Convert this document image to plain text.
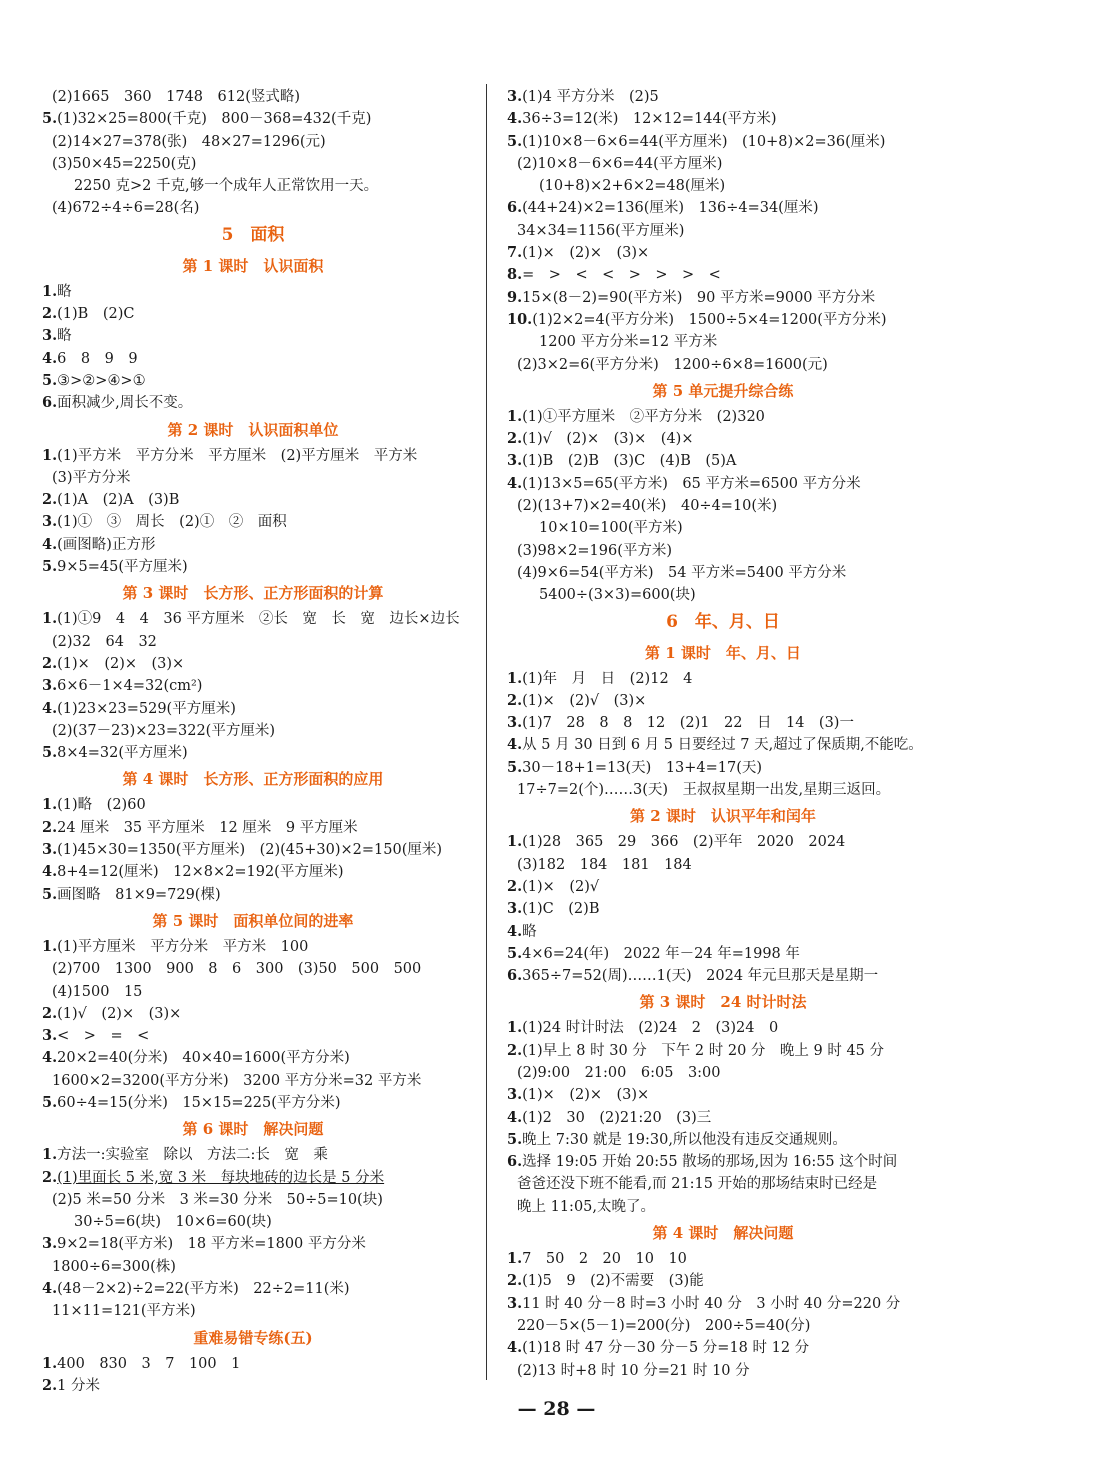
(2)1665　360　1748　612(竖式略)
5.(1)32×25=800(千克)　800－368=432(千克)
(2)14×27=378(张)　48×27=1296(元)
(3)50×45=2250(克)
2250 克>2 千克,够一个成年人正常饮用一天。
(4)672÷4÷6=28(名)
5　面积
第 1 课时　认识面积
1.略
2.(1)B　(2)C
3.略
4.6　8　9　9
5.③>②>④>①
6.面积减少,周长不变。
第 2 课时　认识面积单位
1.(1)平方米　平方分米　平方厘米　(2)平方厘米　平方米
(3)平方分米
2.(1)A　(2)A　(3)B
3.(1)①　③　周长　(2)①　②　面积
4.(画图略)正方形
5.9×5=45(平方厘米)
第 3 课时　长方形、正方形面积的计算
1.(1)①9　4　4　36 平方厘米　②长　宽　长　宽　边长×边长
(2)32　64　32
2.(1)×　(2)×　(3)×
3.6×6－1×4=32(cm²)
4.(1)23×23=529(平方厘米)
(2)(37－23)×23=322(平方厘米)
5.8×4=32(平方厘米)
第 4 课时　长方形、正方形面积的应用
1.(1)略　(2)60
2.24 厘米　35 平方厘米　12 厘米　9 平方厘米
3.(1)45×30=1350(平方厘米)　(2)(45+30)×2=150(厘米)
4.8+4=12(厘米)　12×8×2=192(平方厘米)
5.画图略　81×9=729(棵)
第 5 课时　面积单位间的进率
1.(1)平方厘米　平方分米　平方米　100
(2)700　1300　900　8　6　300　(3)50　500　500
(4)1500　15
2.(1)√　(2)×　(3)×
3.<　>　=　<
4.20×2=40(分米)　40×40=1600(平方分米)
1600×2=3200(平方分米)　3200 平方分米=32 平方米
5.60÷4=15(分米)　15×15=225(平方分米)
第 6 课时　解决问题
1.方法一:实验室　除以　方法二:长　宽　乘
2.(1)里面长 5 米,宽 3 米　每块地砖的边长是 5 分米
(2)5 米=50 分米　3 米=30 分米　50÷5=10(块)
30÷5=6(块)　10×6=60(块)
3.9×2=18(平方米)　18 平方米=1800 平方分米
1800÷6=300(株)
4.(48－2×2)÷2=22(平方米)　22÷2=11(米)
11×11=121(平方米)
重难易错专练(五)
1.400　830　3　7　100　1
2.1 分米
3.(1)4 平方分米　(2)5
4.36÷3=12(米)　12×12=144(平方米)
5.(1)10×8－6×6=44(平方厘米)　(10+8)×2=36(厘米)
(2)10×8－6×6=44(平方厘米)
(10+8)×2+6×2=48(厘米)
6.(44+24)×2=136(厘米)　136÷4=34(厘米)
34×34=1156(平方厘米)
7.(1)×　(2)×　(3)×
8.=　>　<　<　>　>　>　<
9.15×(8－2)=90(平方米)　90 平方米=9000 平方分米
10.(1)2×2=4(平方分米)　1500÷5×4=1200(平方分米)
1200 平方分米=12 平方米
(2)3×2=6(平方分米)　1200÷6×8=1600(元)
第 5 单元提升综合练
1.(1)①平方厘米　②平方分米　(2)320
2.(1)√　(2)×　(3)×　(4)×
3.(1)B　(2)B　(3)C　(4)B　(5)A
4.(1)13×5=65(平方米)　65 平方米=6500 平方分米
(2)(13+7)×2=40(米)　40÷4=10(米)
10×10=100(平方米)
(3)98×2=196(平方米)
(4)9×6=54(平方米)　54 平方米=5400 平方分米
5400÷(3×3)=600(块)
6　年、月、日
第 1 课时　年、月、日
1.(1)年　月　日　(2)12　4
2.(1)×　(2)√　(3)×
3.(1)7　28　8　8　12　(2)1　22　日　14　(3)一
4.从 5 月 30 日到 6 月 5 日要经过 7 天,超过了保质期,不能吃。
5.30－18+1=13(天)　13+4=17(天)
17÷7=2(个)……3(天)　王叔叔星期一出发,星期三返回。
第 2 课时　认识平年和闰年
1.(1)28　365　29　366　(2)平年　2020　2024
(3)182　184　181　184
2.(1)×　(2)√
3.(1)C　(2)B
4.略
5.4×6=24(年)　2022 年－24 年=1998 年
6.365÷7=52(周)……1(天)　2024 年元旦那天是星期一
第 3 课时　24 时计时法
1.(1)24 时计时法　(2)24　2　(3)24　0
2.(1)早上 8 时 30 分　下午 2 时 20 分　晚上 9 时 45 分
(2)9:00　21:00　6:05　3:00
3.(1)×　(2)×　(3)×
4.(1)2　30　(2)21:20　(3)三
5.晚上 7:30 就是 19:30,所以他没有违反交通规则。
6.选择 19:05 开始 20:55 散场的那场,因为 16:55 这个时间
爸爸还没下班不能看,而 21:15 开始的那场结束时已经是
晚上 11:05,太晚了。
第 4 课时　解决问题
1.7　50　2　20　10　10
2.(1)5　9　(2)不需要　(3)能
3.11 时 40 分－8 时=3 小时 40 分　3 小时 40 分=220 分
220－5×(5－1)=200(分)　200÷5=40(分)
4.(1)18 时 47 分－30 分－5 分=18 时 12 分
(2)13 时+8 时 10 分=21 时 10 分
— 28 —
